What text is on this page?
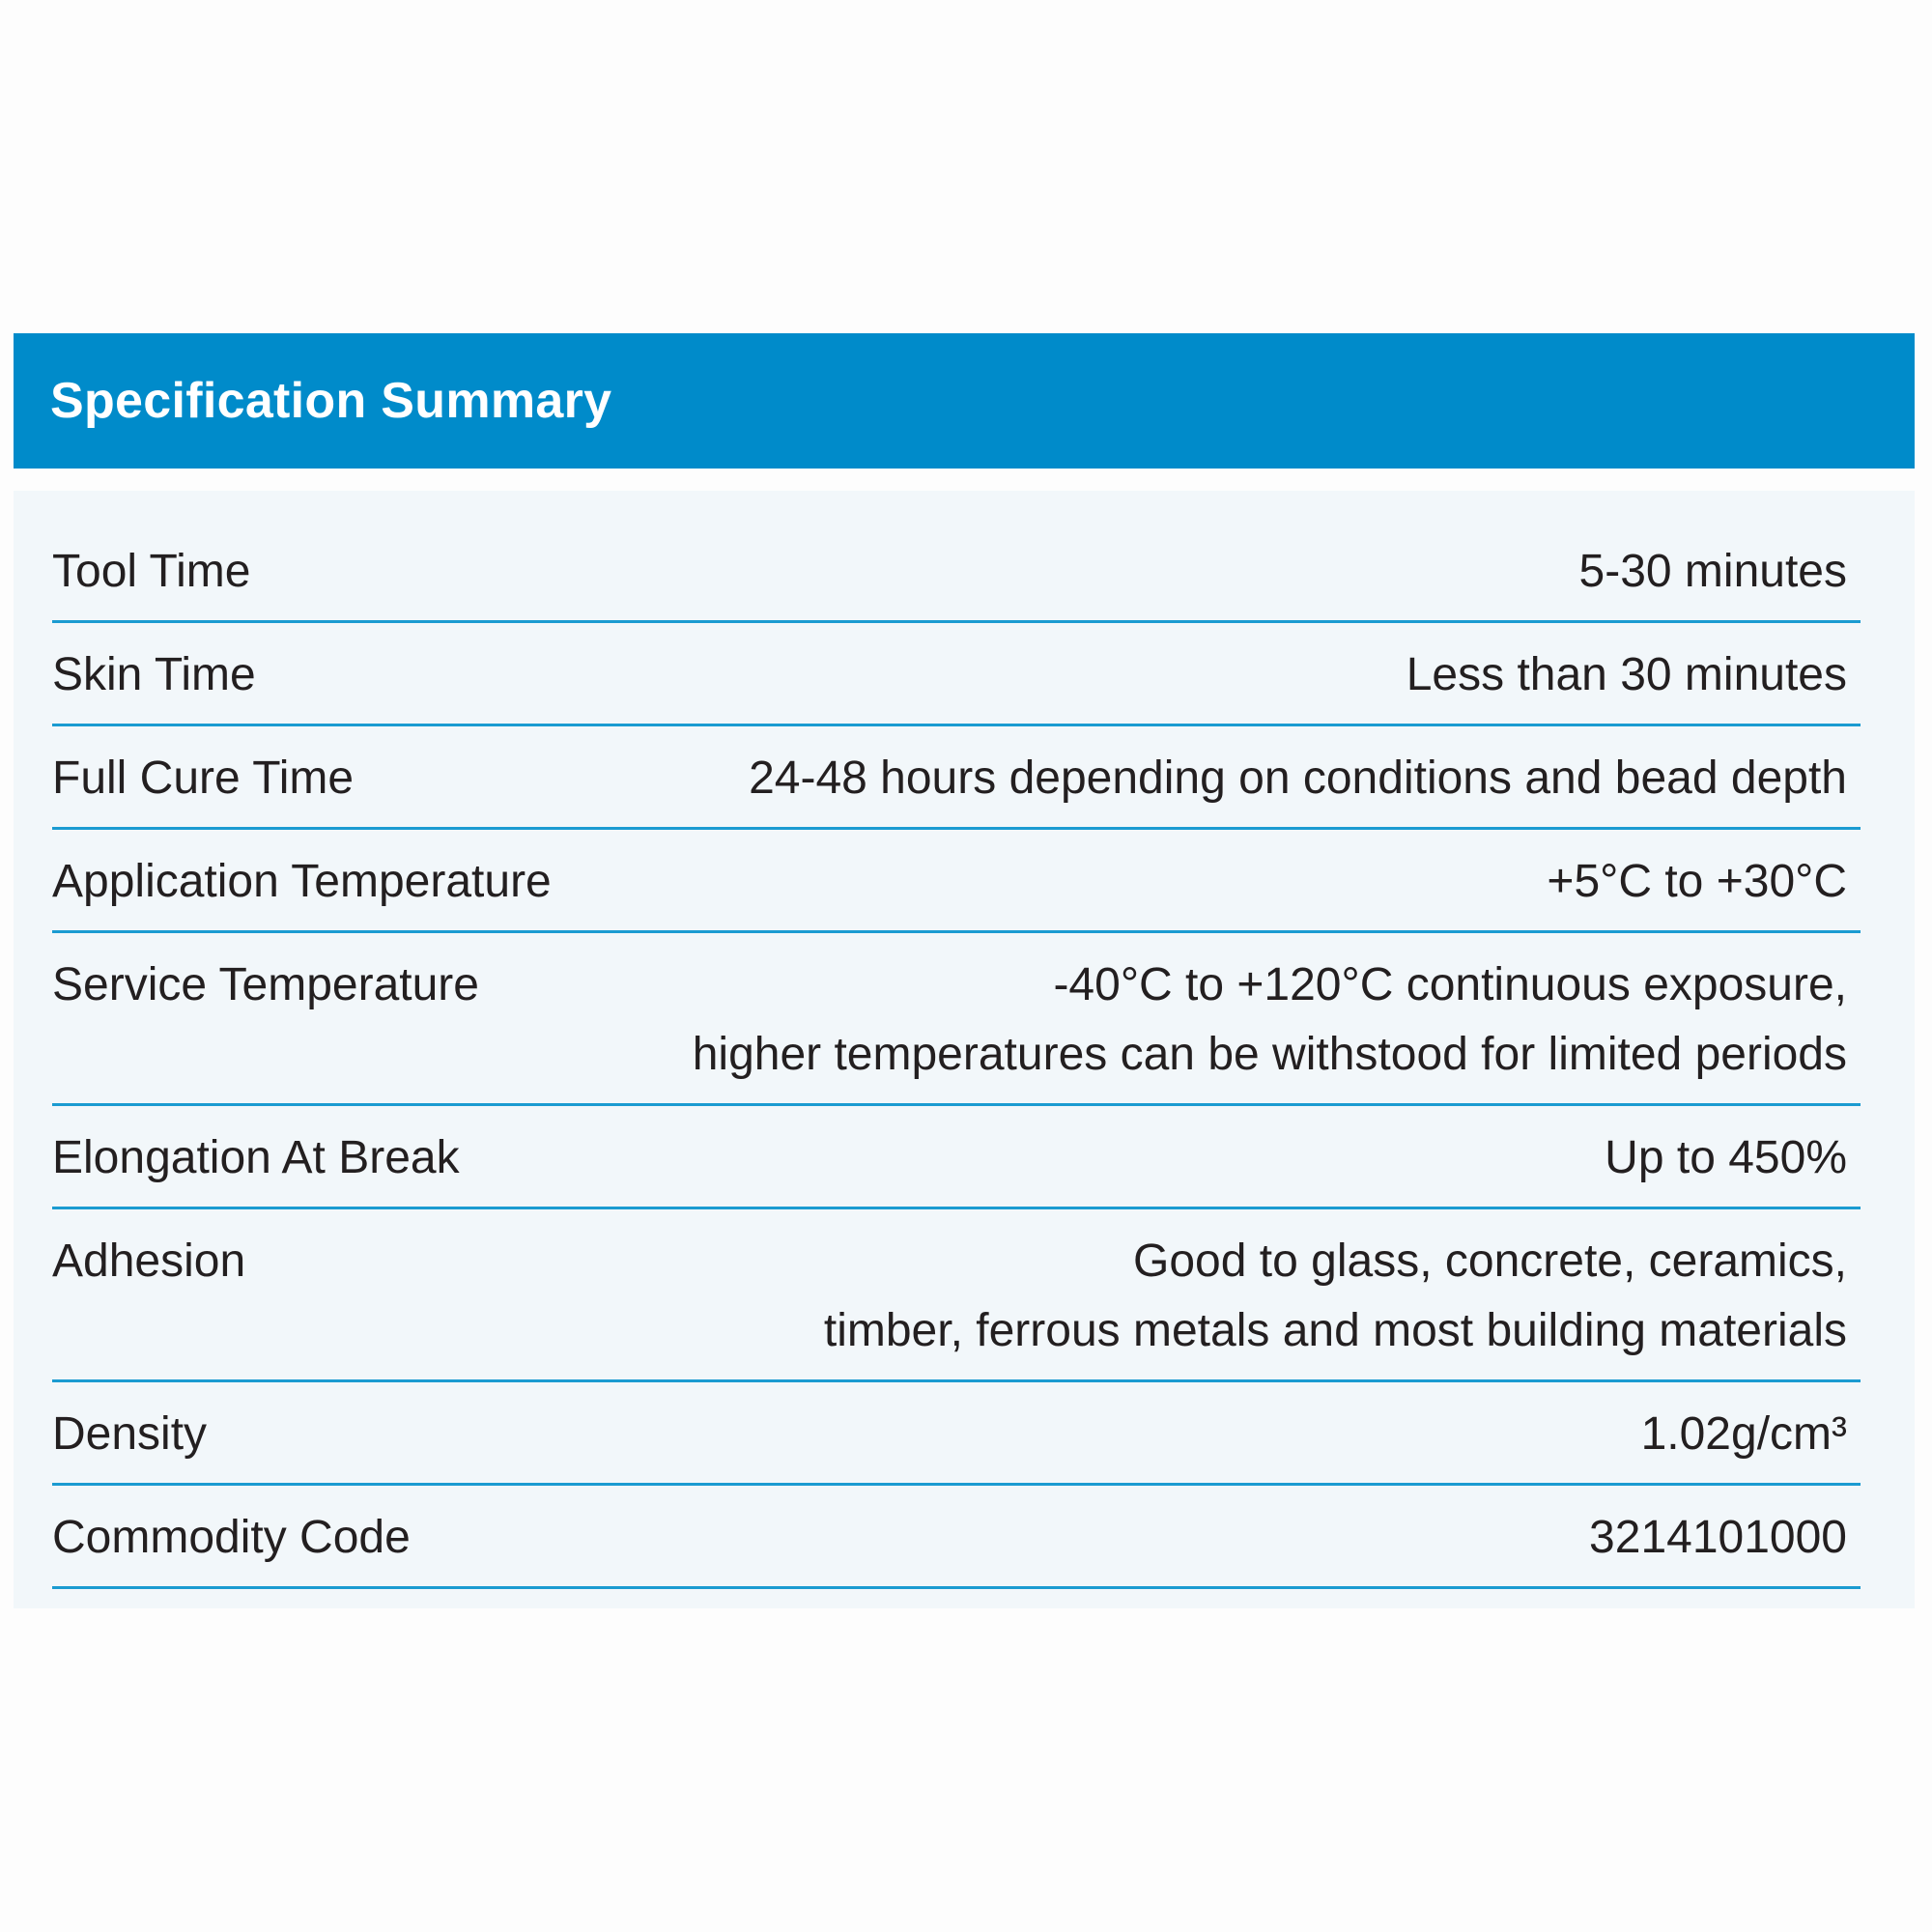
Specification Summary
Tool Time	5-30 minutes
Skin Time	Less than 30 minutes
Full Cure Time	24-48 hours depending on conditions and bead depth
Application Temperature	+5°C to +30°C
Service Temperature	-40°C to +120°C continuous exposure,
higher temperatures can be withstood for limited periods
Elongation At Break	Up to 450%
Adhesion	Good to glass, concrete, ceramics,
timber, ferrous metals and most building materials
Density	1.02g/cm³
Commodity Code	3214101000
